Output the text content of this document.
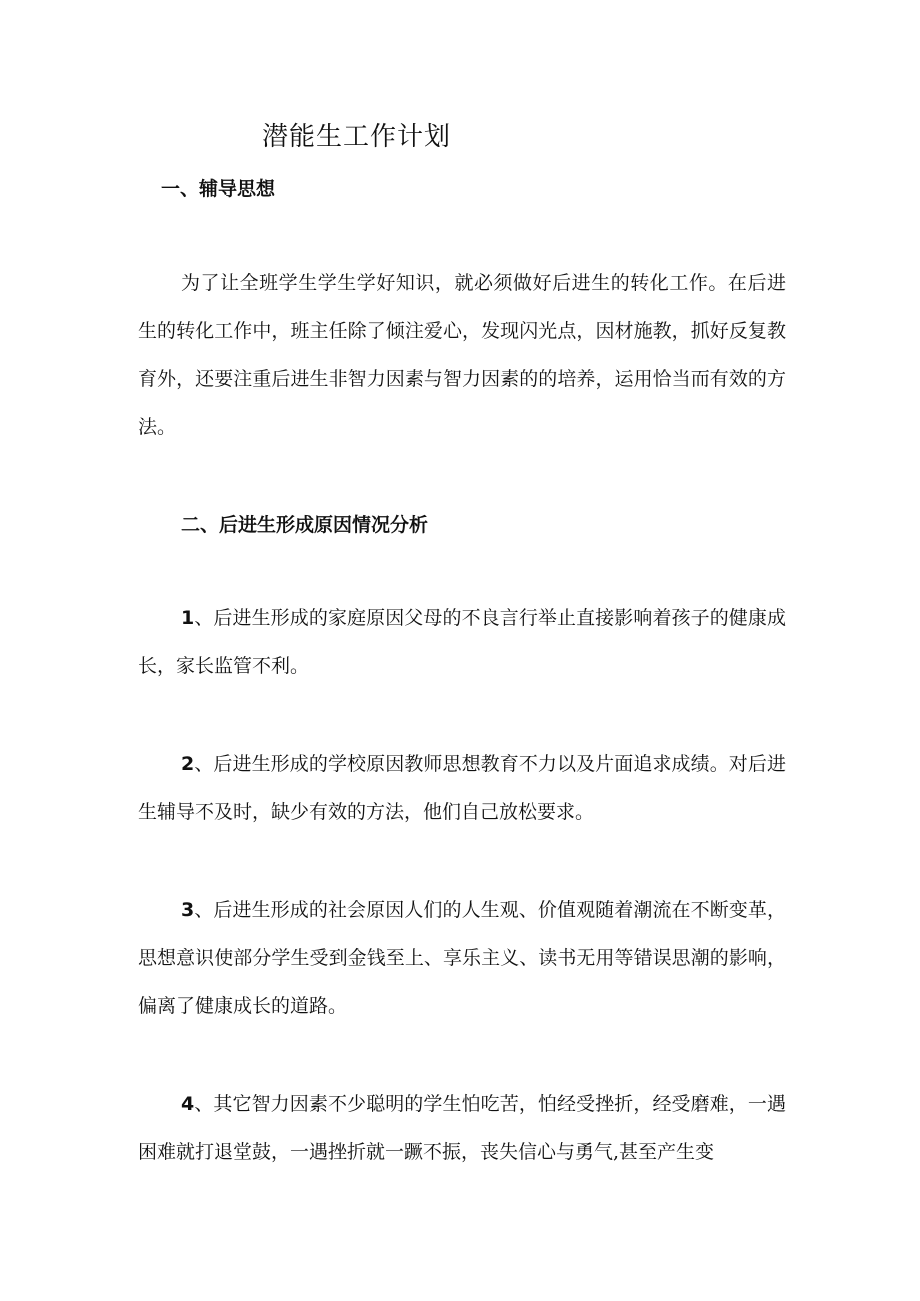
潜能生工作计划
一、辅导思想

为了让全班学生学生学好知识，就必须做好后进生的转化工作。在后进生的转化工作中，班主任除了倾注爱心，发现闪光点，因材施教，抓好反复教育外，还要注重后进生非智力因素与智力因素的的培养，运用恰当而有效的方法。

二、后进生形成原因情况分析

1、后进生形成的家庭原因父母的不良言行举止直接影响着孩子的健康成长，家长监管不利。

2、后进生形成的学校原因教师思想教育不力以及片面追求成绩。对后进生辅导不及时，缺少有效的方法，他们自己放松要求。

3、后进生形成的社会原因人们的人生观、价值观随着潮流在不断变革，思想意识使部分学生受到金钱至上、享乐主义、读书无用等错误思潮的影响，偏离了健康成长的道路。

4、其它智力因素不少聪明的学生怕吃苦，怕经受挫折，经受磨难，一遇困难就打退堂鼓，一遇挫折就一蹶不振，丧失信心与勇气,甚至产生变
